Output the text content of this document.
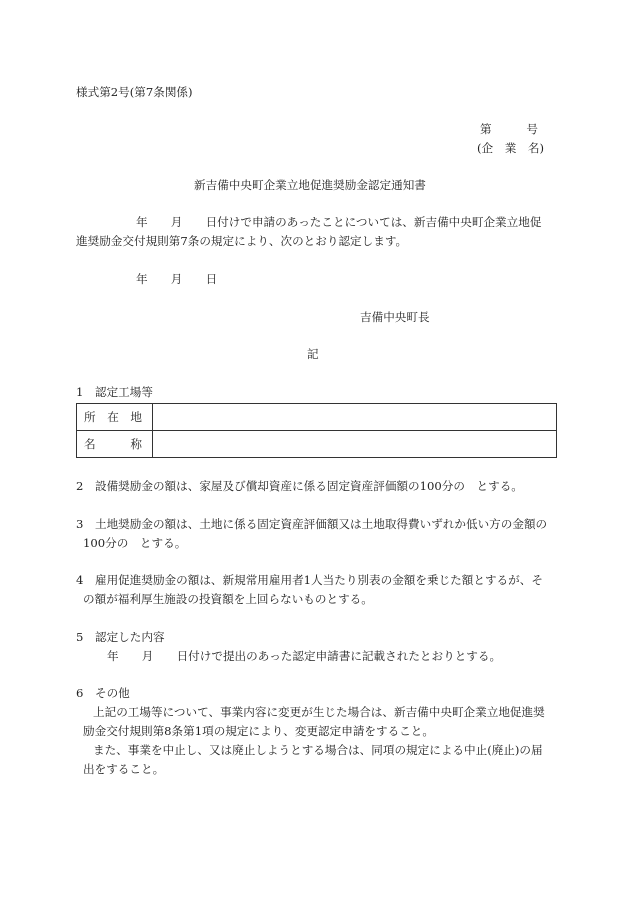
様式第2号(第7条関係)

第　　　号

(企　業　名)

新吉備中央町企業立地促進奨励金認定通知書

年　　月　　日付けで申請のあったことについては、新吉備中央町企業立地促

進奨励金交付規則第7条の規定により、次のとおり認定します。

年　　月　　日

吉備中央町長

記

1　認定工場等

所　在　地	
名　　　称	

2　設備奨励金の額は、家屋及び償却資産に係る固定資産評価額の100分の　とする。

3　土地奨励金の額は、土地に係る固定資産評価額又は土地取得費いずれか低い方の金額の

100分の　とする。

4　雇用促進奨励金の額は、新規常用雇用者1人当たり別表の金額を乗じた額とするが、そ

の額が福利厚生施設の投資額を上回らないものとする。

5　認定した内容

年　　月　　日付けで提出のあった認定申請書に記載されたとおりとする。

6　その他

上記の工場等について、事業内容に変更が生じた場合は、新吉備中央町企業立地促進奨

励金交付規則第8条第1項の規定により、変更認定申請をすること。

また、事業を中止し、又は廃止しようとする場合は、同項の規定による中止(廃止)の届

出をすること。
